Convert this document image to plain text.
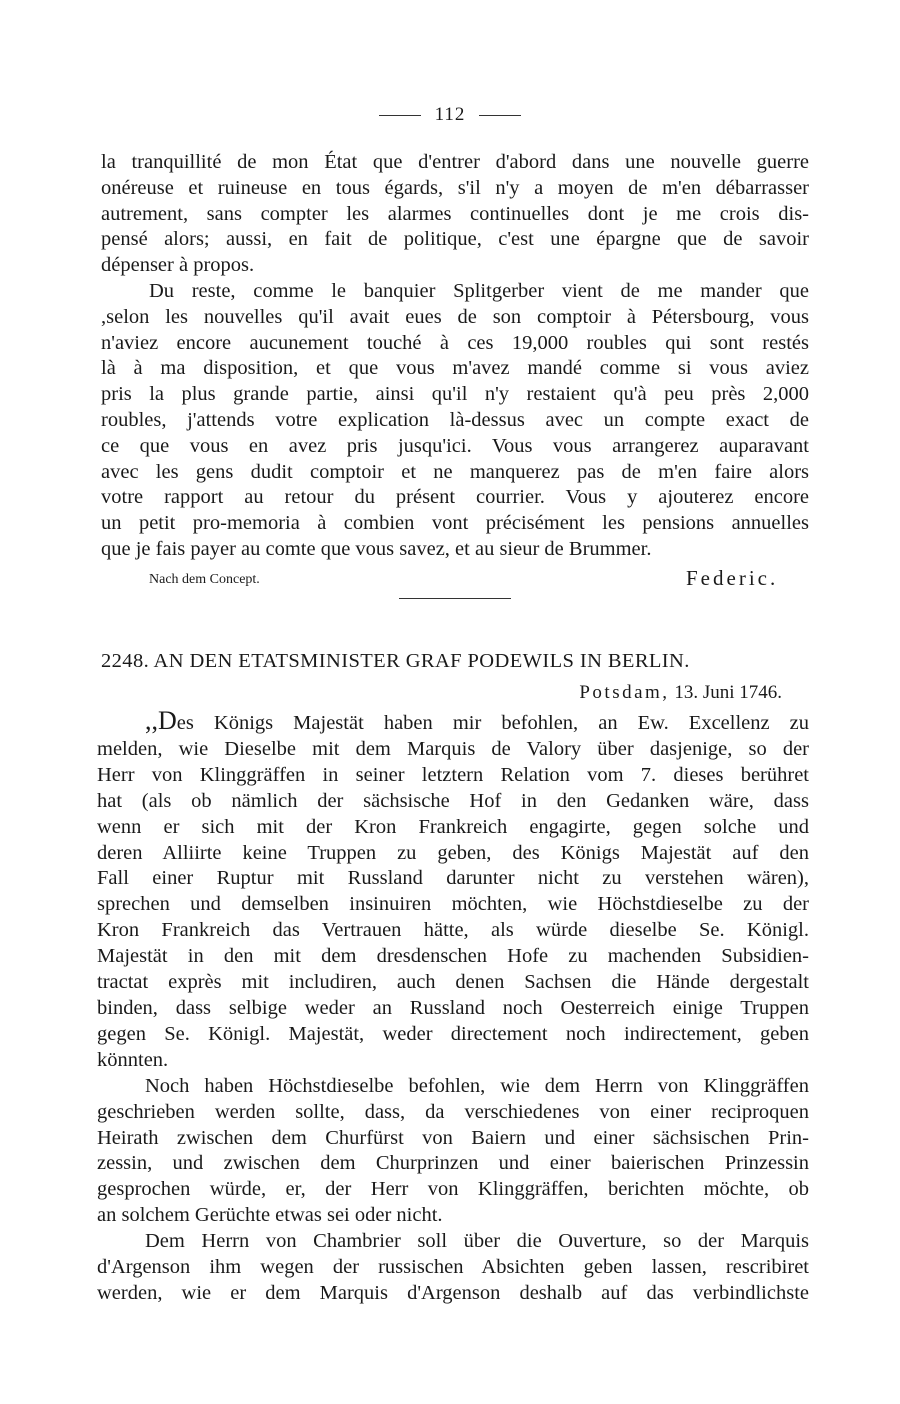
112

la tranquillité de mon État que d'entrer d'abord dans une nouvelle guerre
onéreuse et ruineuse en tous égards, s'il n'y a moyen de m'en débarrasser
autrement, sans compter les alarmes continuelles dont je me crois dis-
pensé alors; aussi, en fait de politique, c'est une épargne que de savoir
dépenser à propos.

Du reste, comme le banquier Splitgerber vient de me mander que
,selon les nouvelles qu'il avait eues de son comptoir à Pétersbourg, vous
n'aviez encore aucunement touché à ces 19,000 roubles qui sont restés
là à ma disposition, et que vous m'avez mandé comme si vous aviez
pris la plus grande partie, ainsi qu'il n'y restaient qu'à peu près 2,000
roubles, j'attends votre explication là-dessus avec un compte exact de
ce que vous en avez pris jusqu'ici. Vous vous arrangerez auparavant
avec les gens dudit comptoir et ne manquerez pas de m'en faire alors
votre rapport au retour du présent courrier. Vous y ajouterez encore
un petit pro-memoria à combien vont précisément les pensions annuelles
que je fais payer au comte que vous savez, et au sieur de Brummer.

Nach dem Concept.	Federic.
2248. AN DEN ETATSMINISTER GRAF PODEWILS IN BERLIN.
Potsdam, 13. Juni 1746.

,,Des Königs Majestät haben mir befohlen, an Ew. Excellenz zu
melden, wie Dieselbe mit dem Marquis de Valory über dasjenige, so der
Herr von Klinggräffen in seiner letztern Relation vom 7. dieses berühret
hat (als ob nämlich der sächsische Hof in den Gedanken wäre, dass
wenn er sich mit der Kron Frankreich engagirte, gegen solche und
deren Alliirte keine Truppen zu geben, des Königs Majestät auf den
Fall einer Ruptur mit Russland darunter nicht zu verstehen wären),
sprechen und demselben insinuiren möchten, wie Höchstdieselbe zu der
Kron Frankreich das Vertrauen hätte, als würde dieselbe Se. Königl.
Majestät in den mit dem dresdenschen Hofe zu machenden Subsidien-
tractat exprès mit includiren, auch denen Sachsen die Hände dergestalt
binden, dass selbige weder an Russland noch Oesterreich einige Truppen
gegen Se. Königl. Majestät, weder directement noch indirectement, geben
könnten.

Noch haben Höchstdieselbe befohlen, wie dem Herrn von Klinggräffen
geschrieben werden sollte, dass, da verschiedenes von einer reciproquen
Heirath zwischen dem Churfürst von Baiern und einer sächsischen Prin-
zessin, und zwischen dem Churprinzen und einer baierischen Prinzessin
gesprochen würde, er, der Herr von Klinggräffen, berichten möchte, ob
an solchem Gerüchte etwas sei oder nicht.

Dem Herrn von Chambrier soll über die Ouverture, so der Marquis
d'Argenson ihm wegen der russischen Absichten geben lassen, rescribiret
werden, wie er dem Marquis d'Argenson deshalb auf das verbindlichste
